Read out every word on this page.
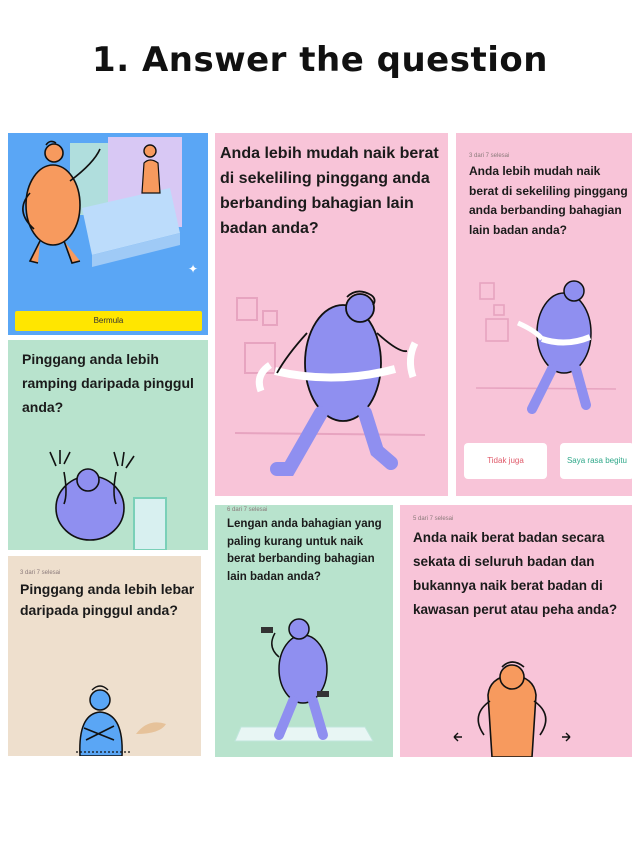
1. Answer the question
✦
Bermula
Anda lebih mudah naik berat di sekeliling pinggang anda berbanding bahagian lain badan anda?
3 dari 7 selesai
Anda lebih mudah naik berat di sekeliling pinggang anda berbanding bahagian lain badan anda?
Tidak juga	Saya rasa begitu
Pinggang anda lebih ramping daripada pinggul anda?
3 dari 7 selesai
Pinggang anda lebih lebar daripada pinggul anda?
6 dari 7 selesai
Lengan anda bahagian yang paling kurang untuk naik berat berbanding bahagian lain badan anda?
5 dari 7 selesai
Anda naik berat badan secara sekata di seluruh badan dan bukannya naik berat badan di kawasan perut atau peha anda?
